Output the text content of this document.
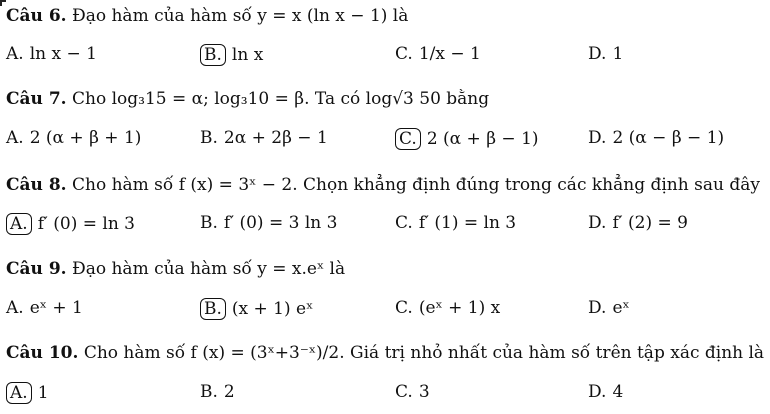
Câu 6. Đạo hàm của hàm số y = x (ln x − 1) là
A. ln x − 1	B. ln x	C. 1/x − 1	D. 1
Câu 7. Cho log₃15 = α; log₃10 = β. Ta có log√3 50 bằng
A. 2 (α + β + 1)	B. 2α + 2β − 1	C. 2 (α + β − 1)	D. 2 (α − β − 1)
Câu 8. Cho hàm số f (x) = 3ˣ − 2. Chọn khẳng định đúng trong các khẳng định sau đây
A. f′ (0) = ln 3	B. f′ (0) = 3 ln 3	C. f′ (1) = ln 3	D. f′ (2) = 9
Câu 9. Đạo hàm của hàm số y = x.eˣ là
A. eˣ + 1	B. (x + 1) eˣ	C. (eˣ + 1) x	D. eˣ
Câu 10. Cho hàm số f (x) = (3ˣ+3⁻ˣ)/2. Giá trị nhỏ nhất của hàm số trên tập xác định là
A. 1	B. 2	C. 3	D. 4
